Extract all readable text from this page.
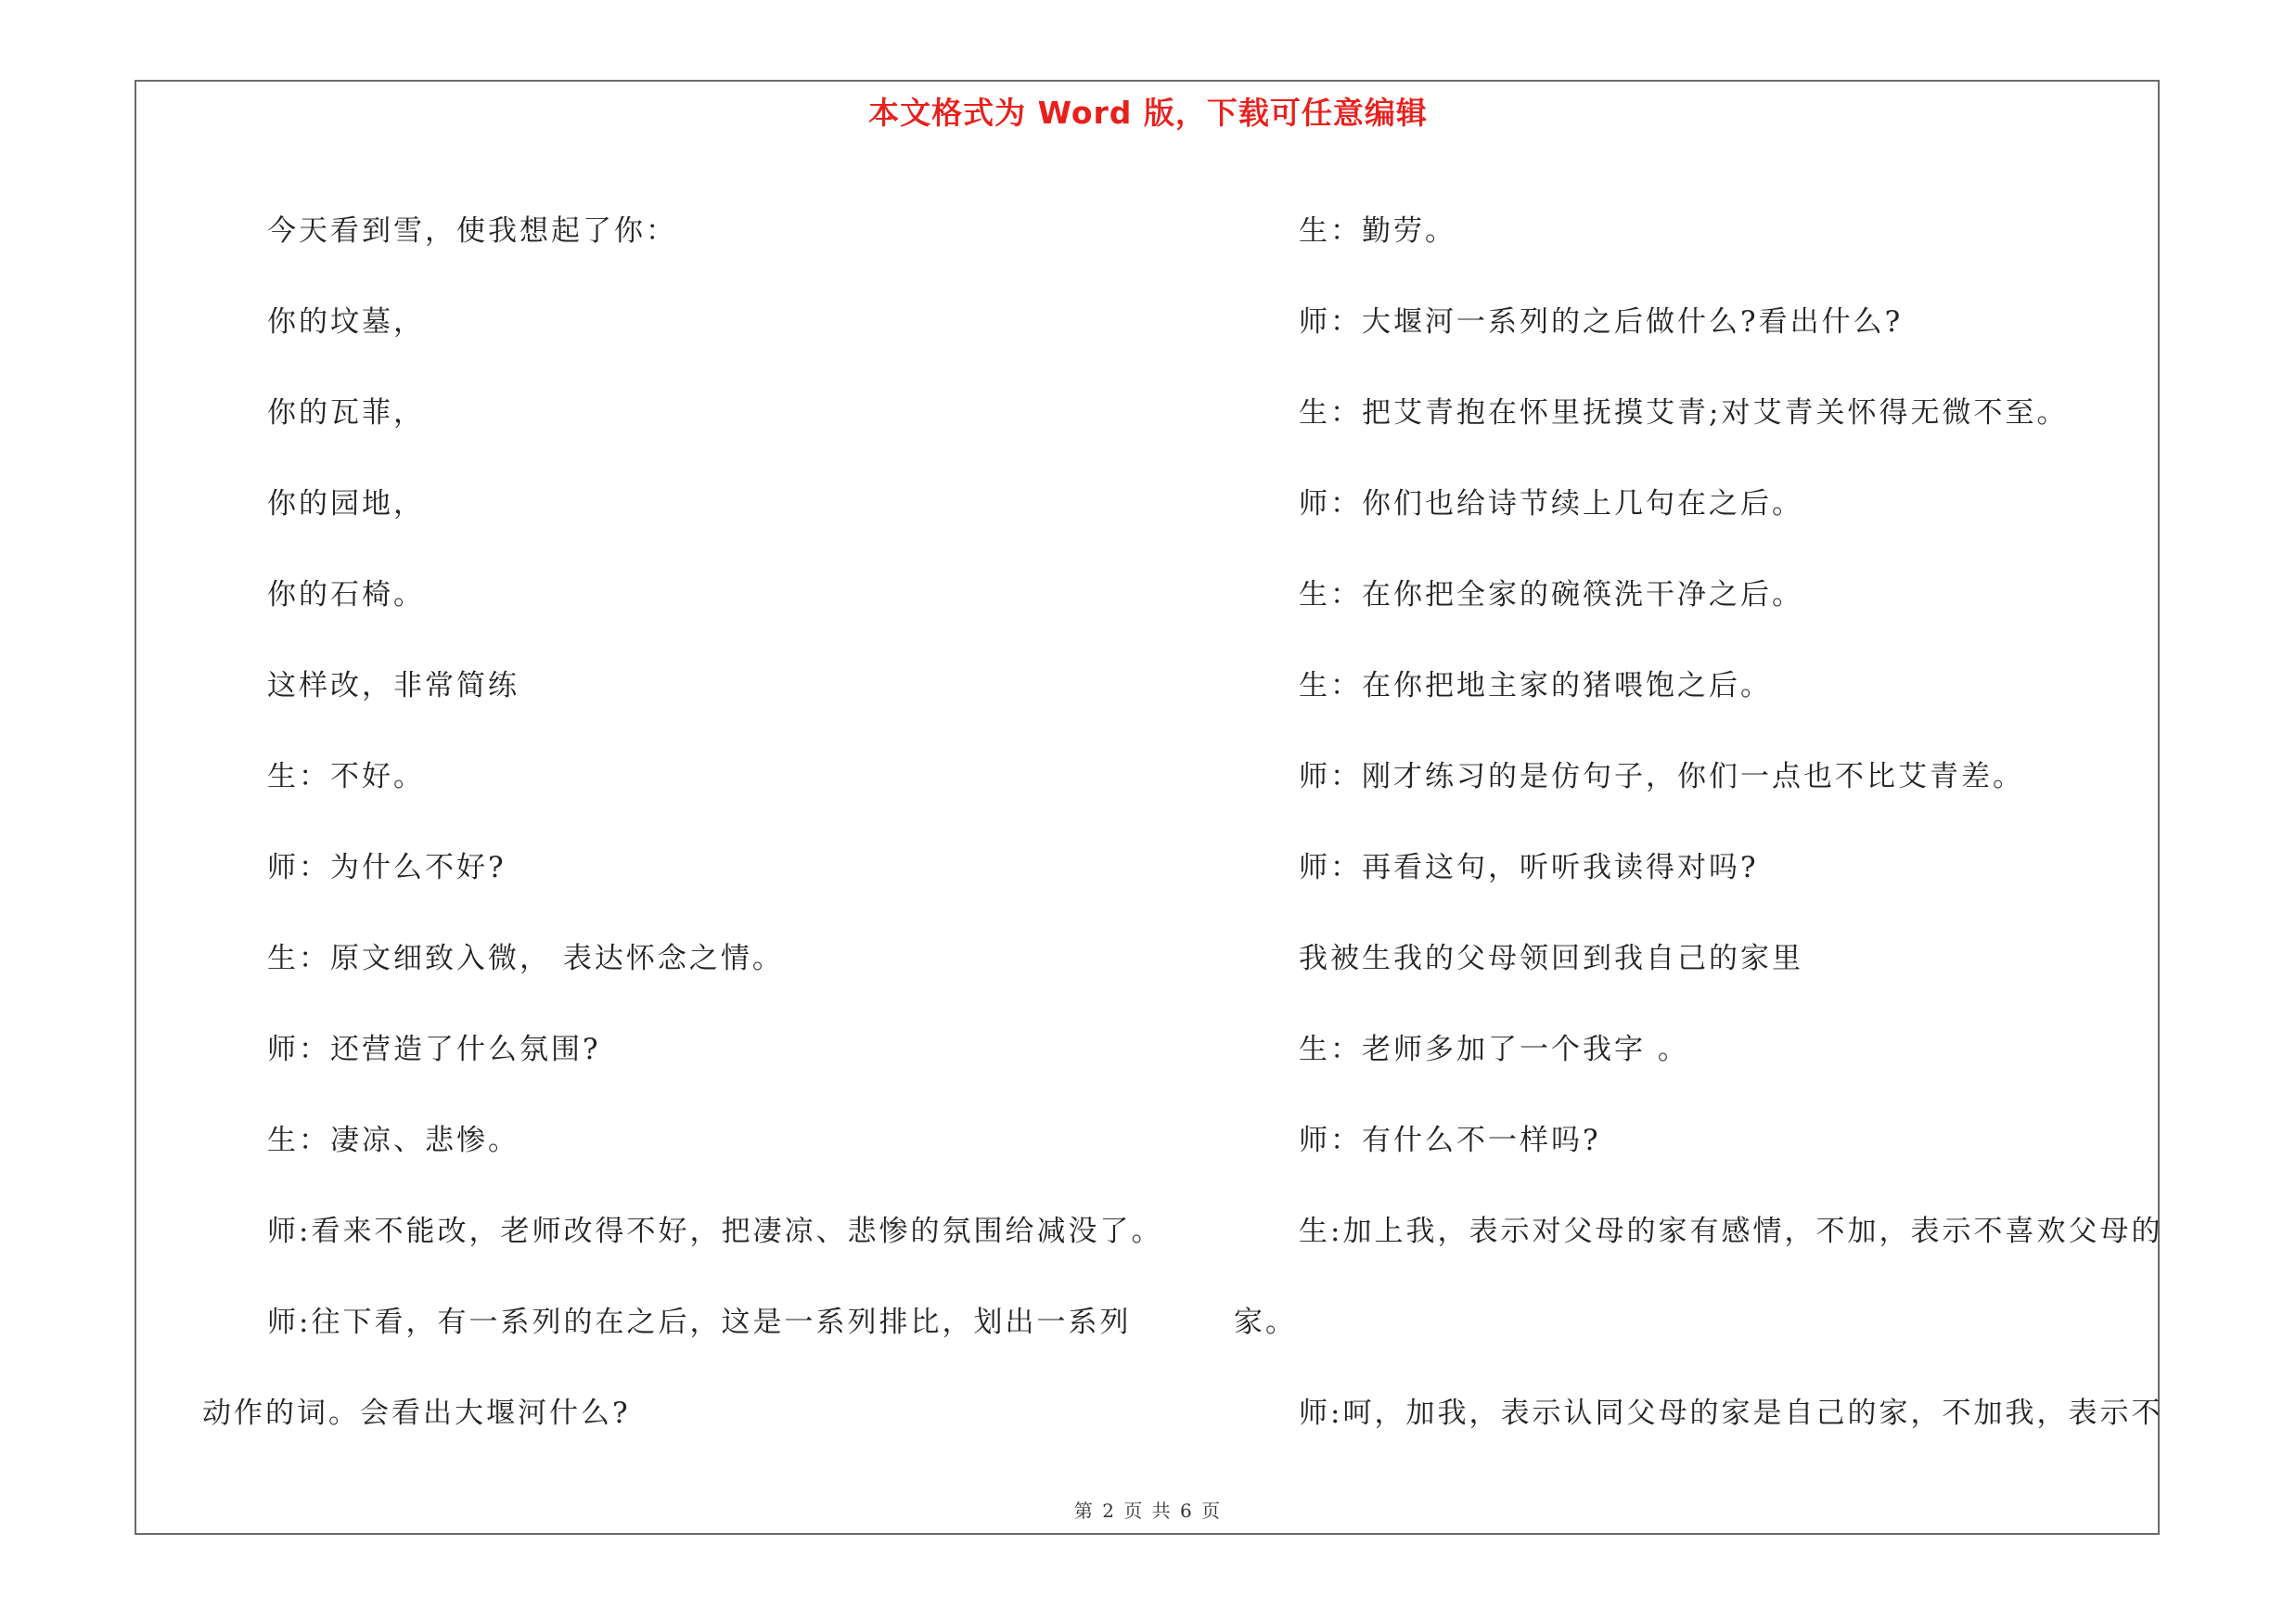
本文格式为 Word 版，下载可任意编辑
今天看到雪，使我想起了你：
你的坟墓，
你的瓦菲，
你的园地，
你的石椅。
这样改，非常简练
生：不好。
师：为什么不好?
生：原文细致入微， 表达怀念之情。
师：还营造了什么氛围?
生：凄凉、悲惨。
师:看来不能改，老师改得不好，把凄凉、悲惨的氛围给减没了。
师:往下看，有一系列的在之后，这是一系列排比，划出一系列
动作的词。会看出大堰河什么?
生：勤劳。
师：大堰河一系列的之后做什么?看出什么?
生：把艾青抱在怀里抚摸艾青;对艾青关怀得无微不至。
师：你们也给诗节续上几句在之后。
生：在你把全家的碗筷洗干净之后。
生：在你把地主家的猪喂饱之后。
师：刚才练习的是仿句子，你们一点也不比艾青差。
师：再看这句，听听我读得对吗?
我被生我的父母领回到我自己的家里
生：老师多加了一个我字 。
师：有什么不一样吗?
生:加上我，表示对父母的家有感情，不加，表示不喜欢父母的
家。
师:呵，加我，表示认同父母的家是自己的家，不加我，表示不
第 2 页 共 6 页
